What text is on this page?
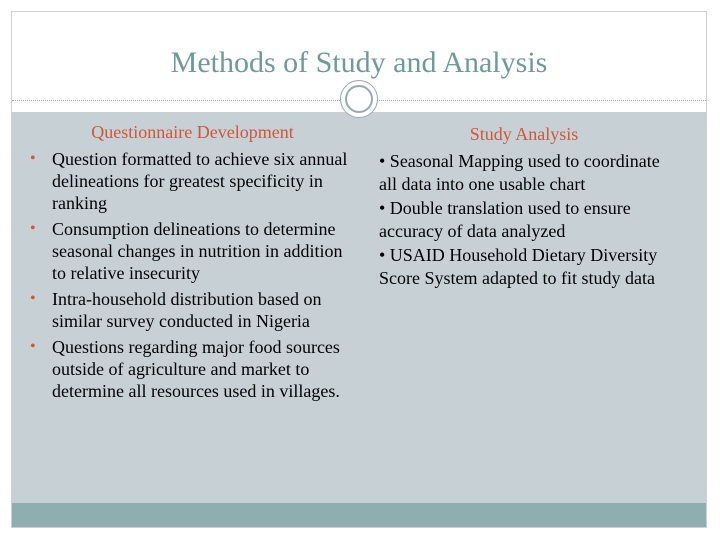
Methods of Study and Analysis
Questionnaire Development
• Question formatted to achieve six annual delineations for greatest specificity in ranking
• Consumption delineations to determine seasonal changes in nutrition in addition to relative insecurity
• Intra-household distribution based on similar survey conducted in Nigeria
• Questions regarding major food sources outside of agriculture and market to determine all resources used in villages.
Study Analysis
• Seasonal Mapping used to coordinate all data into one usable chart
• Double translation used to ensure accuracy of data analyzed
• USAID Household Dietary Diversity Score System adapted to fit study data
